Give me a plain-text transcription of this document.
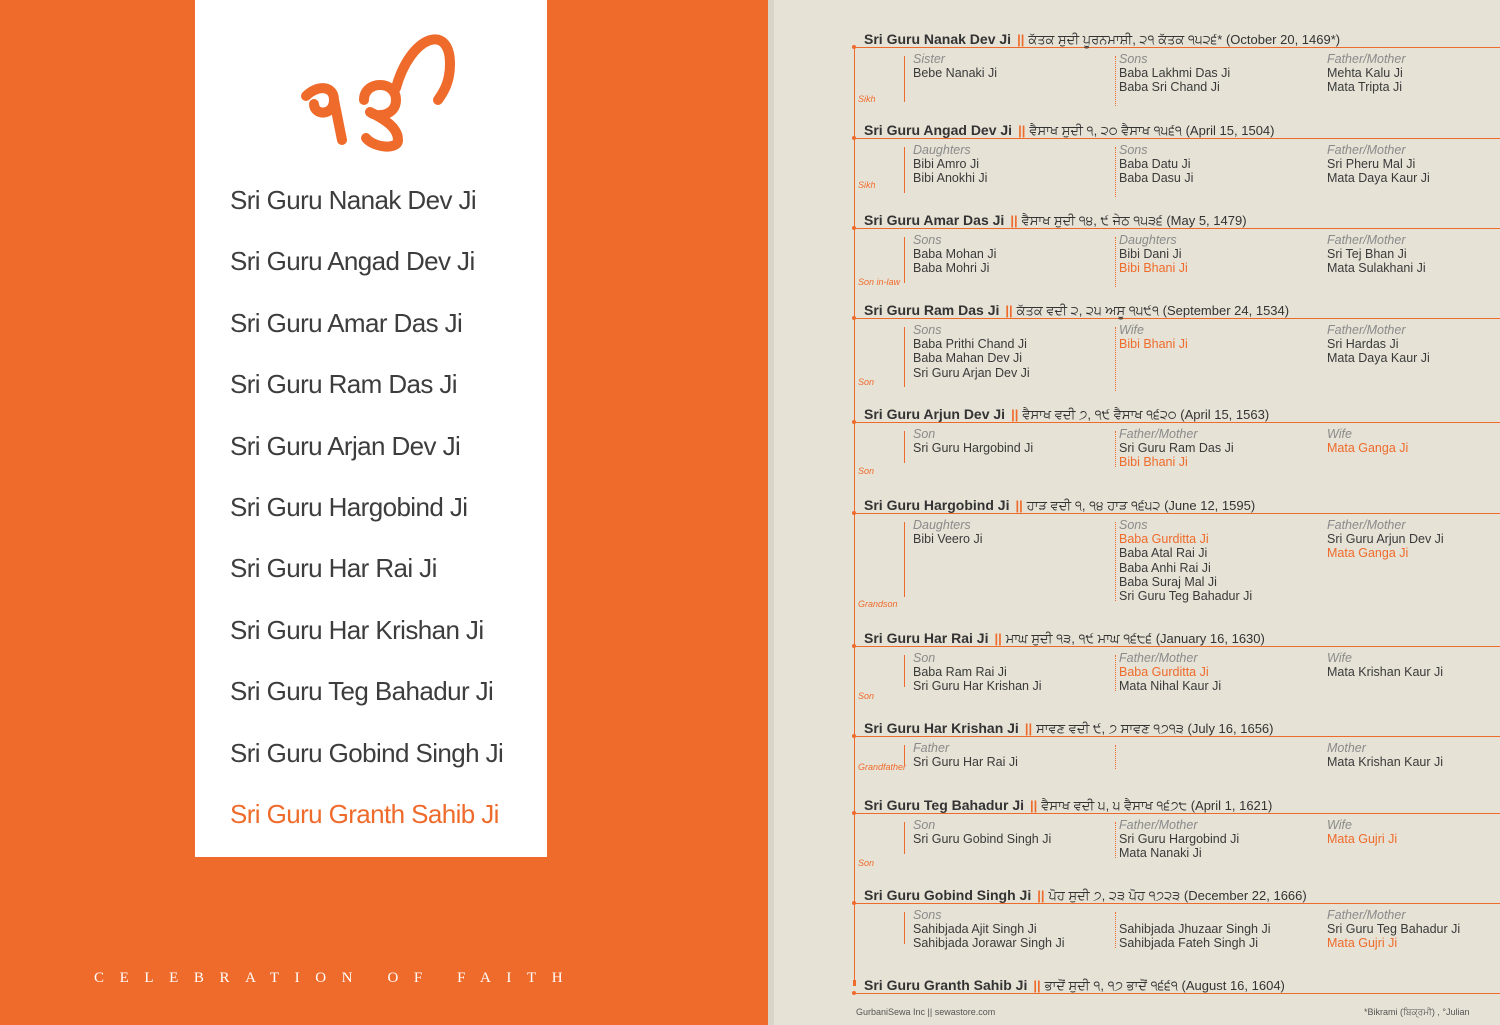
Sri Guru Nanak Dev Ji
Sri Guru Angad Dev Ji
Sri Guru Amar Das Ji
Sri Guru Ram Das Ji
Sri Guru Arjan Dev Ji
Sri Guru Hargobind Ji
Sri Guru Har Rai Ji
Sri Guru Har Krishan Ji
Sri Guru Teg Bahadur Ji
Sri Guru Gobind Singh Ji
Sri Guru Granth Sahib Ji
CELEBRATION OF FAITH
GurbaniSewa Inc || sewastore.com	*Bikrami (ਬਿਕ੍ਰਮੀ) , °Julian
Sri Guru Nanak Dev Ji || ਕੱਤਕ ਸੁਦੀ ਪੂਰਨਮਾਸ਼ੀ, ੨੧ ਕੱਤਕ ੧੫੨੬* (October 20, 1469*)
Sikh
Sister
Bebe Nanaki Ji
Sons
Baba Lakhmi Das Ji
Baba Sri Chand Ji
Father/Mother
Mehta Kalu Ji
Mata Tripta Ji
Sri Guru Angad Dev Ji || ਵੈਸਾਖ ਸੁਦੀ ੧, ੨੦ ਵੈਸਾਖ ੧੫੬੧ (April 15, 1504)
Sikh
Daughters
Bibi Amro Ji
Bibi Anokhi Ji
Sons
Baba Datu Ji
Baba Dasu Ji
Father/Mother
Sri Pheru Mal Ji
Mata Daya Kaur Ji
Sri Guru Amar Das Ji || ਵੈਸਾਖ ਸੁਦੀ ੧੪, ੯ ਜੇਠ ੧੫੩੬ (May 5, 1479)
Son in-law
Sons
Baba Mohan Ji
Baba Mohri Ji
Daughters
Bibi Dani Ji
Bibi Bhani Ji
Father/Mother
Sri Tej Bhan Ji
Mata Sulakhani Ji
Sri Guru Ram Das Ji || ਕੱਤਕ ਵਦੀ ੨, ੨੫ ਅਸੂ ੧੫੯੧ (September 24, 1534)
Son
Sons
Baba Prithi Chand Ji
Baba Mahan Dev Ji
Sri Guru Arjan Dev Ji
Wife
Bibi Bhani Ji
Father/Mother
Sri Hardas Ji
Mata Daya Kaur Ji
Sri Guru Arjun Dev Ji || ਵੈਸਾਖ ਵਦੀ ੭, ੧੯ ਵੈਸਾਖ ੧੬੨੦ (April 15, 1563)
Son
Son
Sri Guru Hargobind Ji
Father/Mother
Sri Guru Ram Das Ji
Bibi Bhani Ji
Wife
Mata Ganga Ji
Sri Guru Hargobind Ji || ਹਾੜ ਵਦੀ ੧, ੧੪ ਹਾੜ ੧੬੫੨ (June 12, 1595)
Grandson
Daughters
Bibi Veero Ji
Sons
Baba Gurditta Ji
Baba Atal Rai Ji
Baba Anhi Rai Ji
Baba Suraj Mal Ji
Sri Guru Teg Bahadur Ji
Father/Mother
Sri Guru Arjun Dev Ji
Mata Ganga Ji
Sri Guru Har Rai Ji || ਮਾਘ ਸੁਦੀ ੧੩, ੧੯ ਮਾਘ ੧੬੮੬ (January 16, 1630)
Son
Son
Baba Ram Rai Ji
Sri Guru Har Krishan Ji
Father/Mother
Baba Gurditta Ji
Mata Nihal Kaur Ji
Wife
Mata Krishan Kaur Ji
Sri Guru Har Krishan Ji || ਸਾਵਣ ਵਦੀ ੯, ੭ ਸਾਵਣ ੧੭੧੩ (July 16, 1656)
Grandfather
Father
Sri Guru Har Rai Ji

Mother
Mata Krishan Kaur Ji
Sri Guru Teg Bahadur Ji || ਵੈਸਾਖ ਵਦੀ ੫, ੫ ਵੈਸਾਖ ੧੬੭੮ (April 1, 1621)
Son
Son
Sri Guru Gobind Singh Ji
Father/Mother
Sri Guru Hargobind Ji
Mata Nanaki Ji
Wife
Mata Gujri Ji
Sri Guru Gobind Singh Ji || ਪੋਹ ਸੁਦੀ ੭, ੨੩ ਪੋਹ ੧੭੨੩ (December 22, 1666)
Sons
Sahibjada Ajit Singh Ji
Sahibjada Jorawar Singh Ji

Sahibjada Jhuzaar Singh Ji
Sahibjada Fateh Singh Ji
Father/Mother
Sri Guru Teg Bahadur Ji
Mata Gujri Ji
Sri Guru Granth Sahib Ji || ਭਾਦੋਂ ਸੁਦੀ ੧, ੧੭ ਭਾਦੋਂ ੧੬੬੧ (August 16, 1604)
